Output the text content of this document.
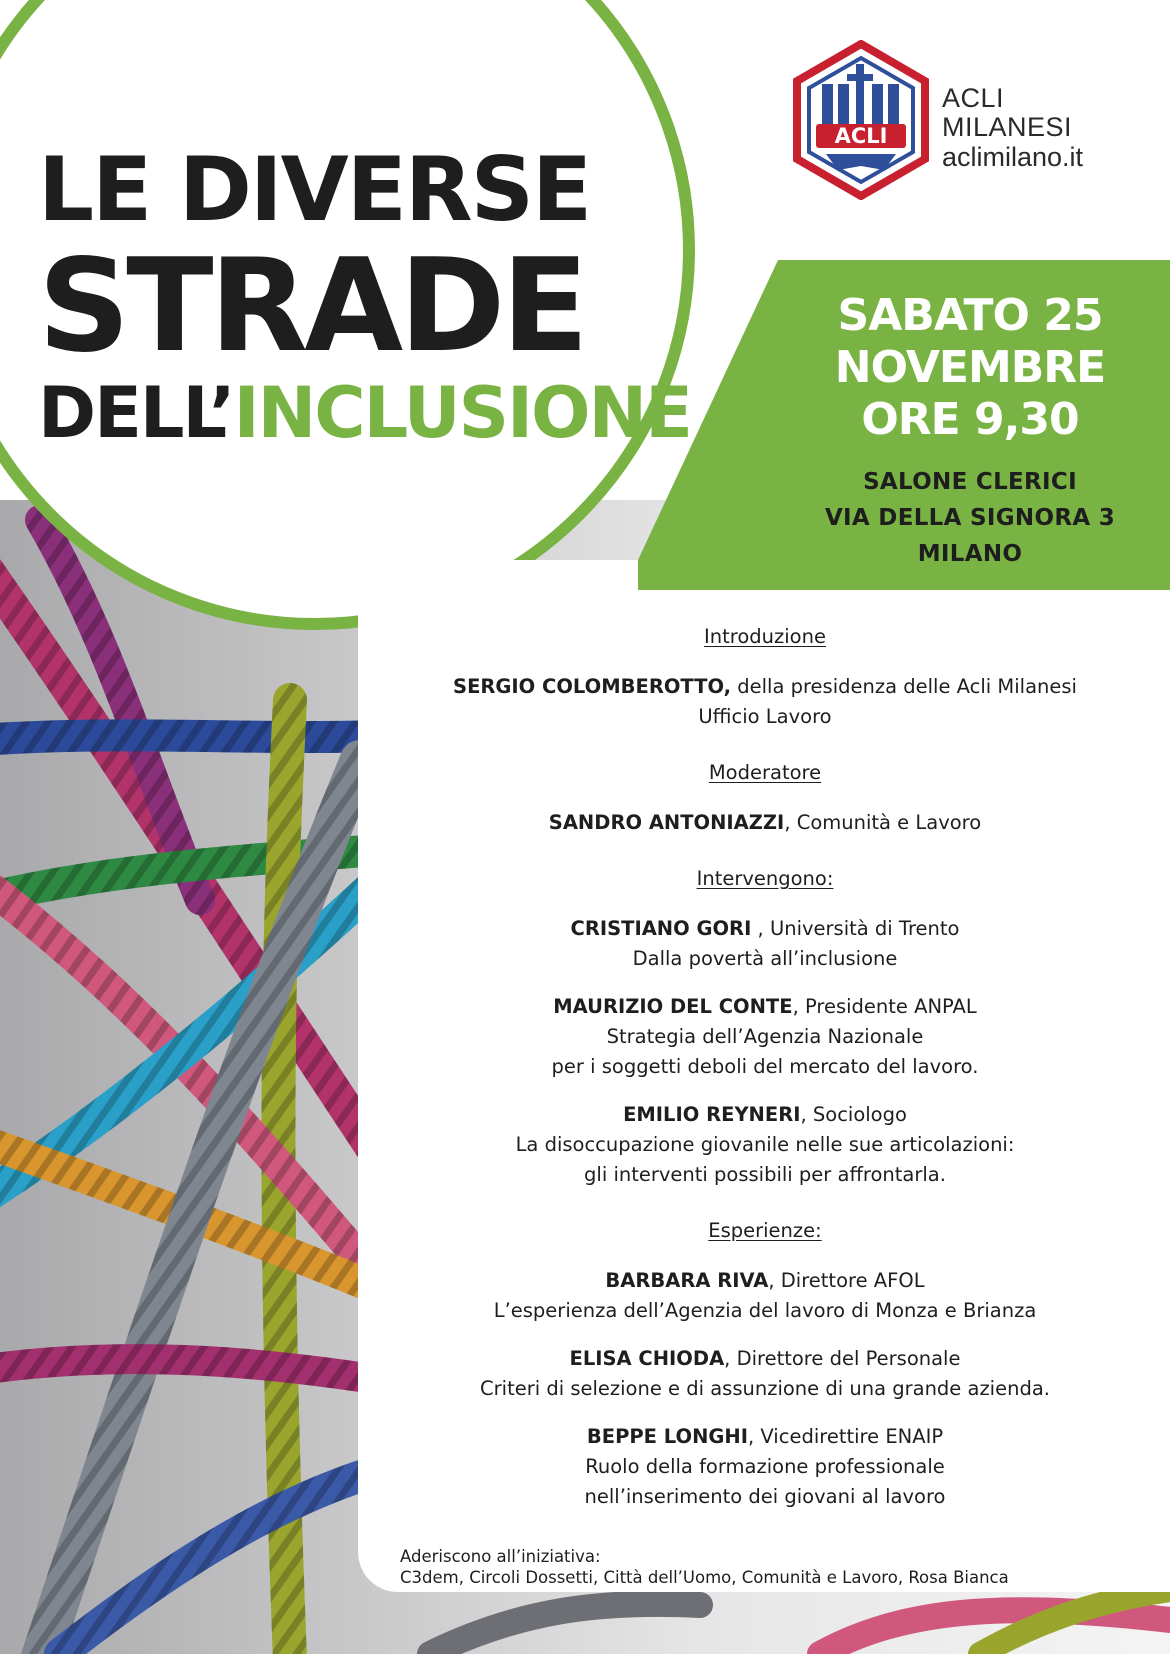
LE DIVERSE
STRADE
DELL’INCLUSIONE
ACLI
ACLI
MILANESI
aclimilano.it
SABATO 25
NOVEMBRE
ORE 9,30
SALONE CLERICI
VIA DELLA SIGNORA 3
MILANO
Introduzione
SERGIO COLOMBEROTTO, della presidenza delle Acli Milanesi
Ufficio Lavoro
Moderatore
SANDRO ANTONIAZZI, Comunità e Lavoro
Intervengono:
CRISTIANO GORI , Università di Trento
Dalla povertà all’inclusione
MAURIZIO DEL CONTE, Presidente ANPAL
Strategia dell’Agenzia Nazionale
per i soggetti deboli del mercato del lavoro.
EMILIO REYNERI, Sociologo
La disoccupazione giovanile nelle sue articolazioni:
gli interventi possibili per affrontarla.
Esperienze:
BARBARA RIVA, Direttore AFOL
L’esperienza dell’Agenzia del lavoro di Monza e Brianza
ELISA CHIODA, Direttore del Personale
Criteri di selezione e di assunzione di una grande azienda.
BEPPE LONGHI, Vicedirettire ENAIP
Ruolo della formazione professionale
nell’inserimento dei giovani al lavoro
Aderiscono all’iniziativa:
C3dem, Circoli Dossetti, Città dell’Uomo, Comunità e Lavoro, Rosa Bianca
